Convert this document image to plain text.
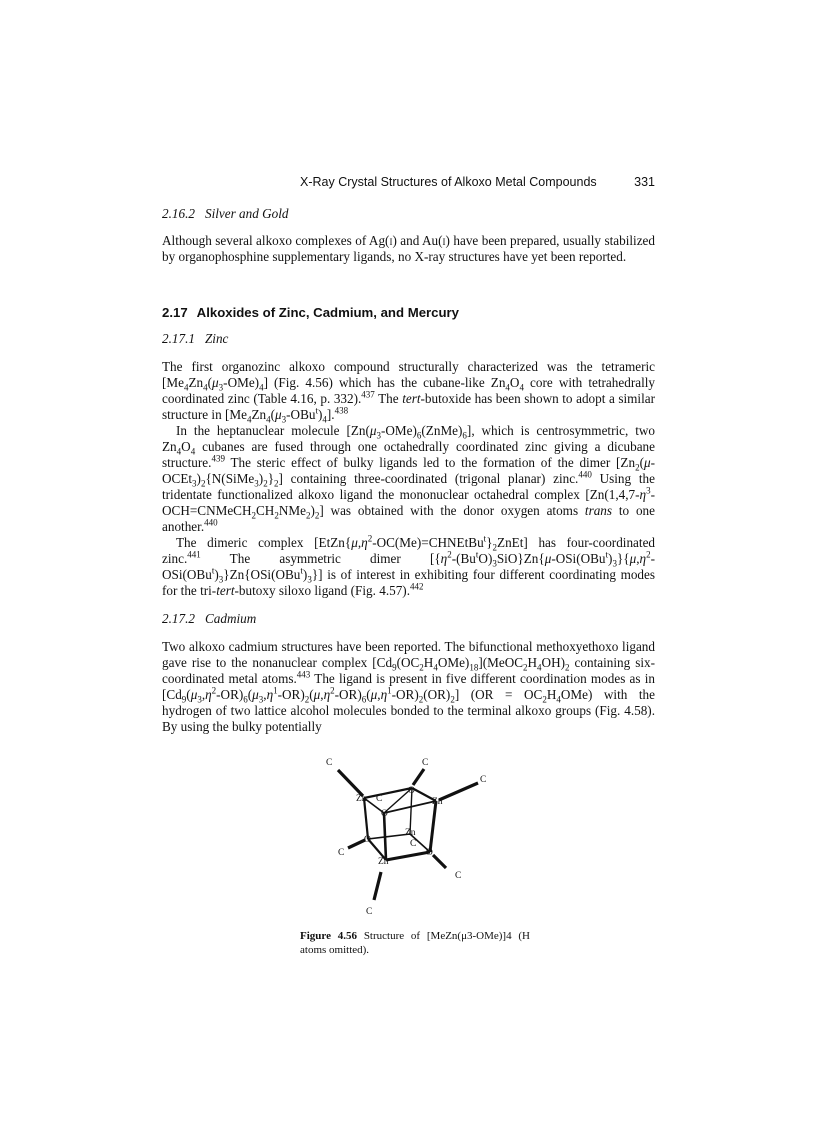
X-Ray Crystal Structures of Alkoxo Metal Compounds	331
2.16.2 Silver and Gold
Although several alkoxo complexes of Ag(i) and Au(i) have been prepared, usually stabilized by organophosphine supplementary ligands, no X-ray structures have yet been reported.
2.17 Alkoxides of Zinc, Cadmium, and Mercury
2.17.1 Zinc
The first organozinc alkoxo compound structurally characterized was the tetrameric $[Me_4Zn_4(\mu_3-OMe)_4]$ (Fig. 4.56) which has the cubane-like $Zn_4O_4$ core with tetrahedrally coordinated zinc (Table 4.16, p. 332).$^{437}$ The tert-butoxide has been shown to adopt a similar structure in $[Me_4Zn_4(\mu_3-OBu^t)_4].^{438}$
In the heptanuclear molecule $[Zn(\mu_3-OMe)_6(ZnMe)_6]$, which is centrosymmetric, two $Zn_4O_4$ cubanes are fused through one octahedrally coordinated zinc giving a dicubane structure.$^{439}$ The steric effect of bulky ligands led to the formation of the dimer $[Zn_2(\mu-OCEt_3)_2\{N(SiMe_3)_2\}_2]$ containing three-coordinated (trigonal planar) zinc.$^{440}$ Using the tridentate functionalized alkoxo ligand the mononuclear octahedral complex $[Zn(1,4,7-\eta^3-OCH=CNMeCH_2CH_2NMe_2)_2]$ was obtained with the donor oxygen atoms trans to one another.$^{440}$
The dimeric complex $[EtZn\{\mu,\eta^2-OC(Me)=CHNEtBu^t\}_2ZnEt]$ has four-coordinated zinc.$^{441}$ The asymmetric dimer $[\{\eta^2-(Bu^tO)_3SiO\}Zn\{\mu-OSi(OBu^t)_3\}\{\mu,\eta^2-OSi(OBu^t)_3\}Zn\{OSi(OBu^t)_3\}]$ is of interest in exhibiting four different coordinating modes for the tri-tert-butoxy siloxo ligand (Fig. 4.57).$^{442}$
2.17.2 Cadmium
Two alkoxo cadmium structures have been reported. The bifunctional methoxyethoxo ligand gave rise to the nonanuclear complex $[Cd_9(OC_2H_4OMe)_{18}](MeOC_2H_4OH)_2$ containing six-coordinated metal atoms.$^{443}$ The ligand is present in five different coordination modes as in $[Cd_9(\mu_3,\eta^2-OR)_6(\mu_3,\eta^1-OR)_2(\mu,\eta^2-OR)_6(\mu,\eta^1-OR)_2(OR)_2] (OR = OC_2H_4OMe)$ with the hydrogen of two lattice alcohol molecules bonded to the terminal alkoxo groups (Fig. 4.58). By using the bulky potentially
Zn	Zn
Zn
Zn
O
O
O
O
C	C
C
C
C
C
C
C
Figure 4.56 Structure of [MeZn(μ3-OMe)]4 (H atoms omitted).
